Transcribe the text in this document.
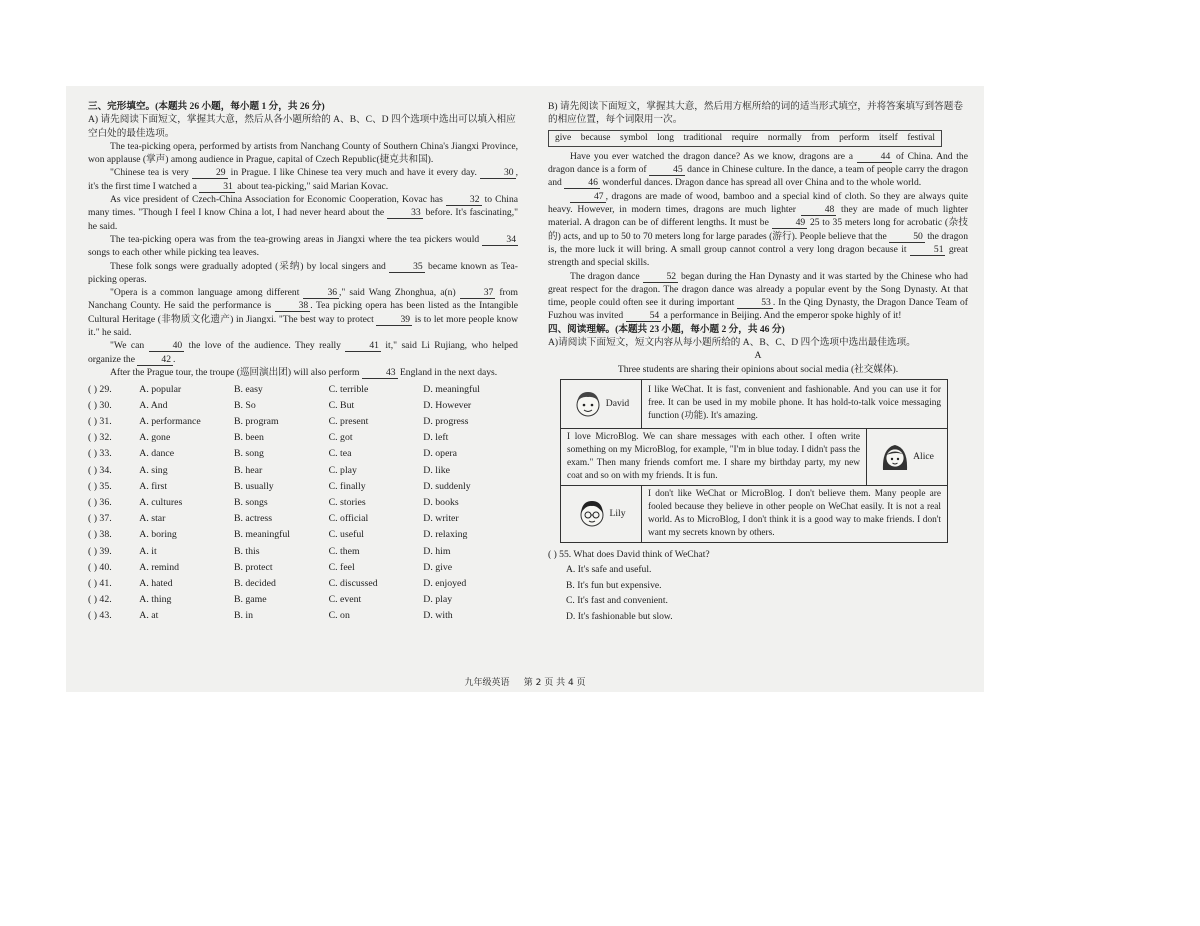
三、完形填空。(本题共 26 小题，每小题 1 分，共 26 分)

A) 请先阅读下面短文，掌握其大意，然后从各小题所给的 A、B、C、D 四个选项中选出可以填入相应空白处的最佳选项。

The tea-picking opera, performed by artists from Nanchang County of Southern China's Jiangxi Province, won applause (掌声) among audience in Prague, capital of Czech Republic(捷克共和国).

"Chinese tea is very	29 in Prague. I like Chinese tea very much and have it every day.	30 , it's the first time I watched a	31 about tea-picking," said Marian Kovac.

As vice president of Czech-China Association for Economic Cooperation, Kovac has	32 to China many times. "Though I feel I know China a lot, I had never heard about the	33 before. It's fascinating," he said.

The tea-picking opera was from the tea-growing areas in Jiangxi where the tea pickers would	34 songs to each other while picking tea leaves.

These folk songs were gradually adopted (采纳) by local singers and	35 became known as Tea-picking operas.

"Opera is a common language among different	36 ," said Wang Zhonghua, a(n)	37 from Nanchang County. He said the performance is	38 . Tea picking opera has been listed as the Intangible Cultural Heritage (非物质文化遗产) in Jiangxi. "The best way to protect	39 is to let more people know it." he said.

"We can	40 the love of the audience. They really	41 it," said Li Rujiang, who helped organize the	42 .

After the Prague tour, the troupe (巡回演出团) will also perform	43 England in the next days.

( ) 29.	A. popular	B. easy	C. terrible	D. meaningful
( ) 30.	A. And	B. So	C. But	D. However
( ) 31.	A. performance	B. program	C. present	D. progress
( ) 32.	A. gone	B. been	C. got	D. left
( ) 33.	A. dance	B. song	C. tea	D. opera
( ) 34.	A. sing	B. hear	C. play	D. like
( ) 35.	A. first	B. usually	C. finally	D. suddenly
( ) 36.	A. cultures	B. songs	C. stories	D. books
( ) 37.	A. star	B. actress	C. official	D. writer
( ) 38.	A. boring	B. meaningful	C. useful	D. relaxing
( ) 39.	A. it	B. this	C. them	D. him
( ) 40.	A. remind	B. protect	C. feel	D. give
( ) 41.	A. hated	B. decided	C. discussed	D. enjoyed
( ) 42.	A. thing	B. game	C. event	D. play
( ) 43.	A. at	B. in	C. on	D. with

B) 请先阅读下面短文，掌握其大意，然后用方框所给的词的适当形式填空，并将答案填写到答题卷的相应位置，每个词限用一次。

give because symbol long traditional require normally from perform itself festival

Have you ever watched the dragon dance? As we know, dragons are a	44 of China. And the dragon dance is a form of	45 dance in Chinese culture. In the dance, a team of people carry the dragon and	46 wonderful dances. Dragon dance has spread all over China and to the whole world.

47 , dragons are made of wood, bamboo and a special kind of cloth. So they are always quite heavy. However, in modern times, dragons are much lighter	48 they are made of much lighter material. A dragon can be of different lengths. It must be	49 25 to 35 meters long for acrobatic (杂技的) acts, and up to 50 to 70 meters long for large parades (游行). People believe that the	50 the dragon is, the more luck it will bring. A small group cannot control a very long dragon because it	51 great strength and special skills.

The dragon dance	52 began during the Han Dynasty and it was started by the Chinese who had great respect for the dragon. The dragon dance was already a popular event by the Song Dynasty. At that time, people could often see it during important	53 . In the Qing Dynasty, the Dragon Dance Team of Fuzhou was invited	54 a performance in Beijing. And the emperor spoke highly of it!

四、阅读理解。(本题共 23 小题，每小题 2 分，共 46 分)

A)请阅读下面短文，短文内容从每小题所给的 A、B、C、D 四个选项中选出最佳选项。

A

Three students are sharing their opinions about social media (社交媒体).

David
I like WeChat. It is fast, convenient and fashionable. And you can use it for free. It can be used in my mobile phone. It has hold-to-talk voice messaging function (功能). It's amazing.
I love MicroBlog. We can share messages with each other. I often write something on my MicroBlog, for example, "I'm in blue today. I didn't pass the exam." Then many friends comfort me. I share my birthday party, my new coat and so on with my friends. It is fun.
Alice
Lily
I don't like WeChat or MicroBlog. I don't believe them. Many people are fooled because they believe in other people on WeChat easily. It is not a real world. As to MicroBlog, I don't think it is a good way to make friends. I don't want my secrets known by others.

( ) 55. What does David think of WeChat?

A. It's safe and useful.

B. It's fun but expensive.

C. It's fast and convenient.

D. It's fashionable but slow.

九年级英语 第 2 页 共 4 页
